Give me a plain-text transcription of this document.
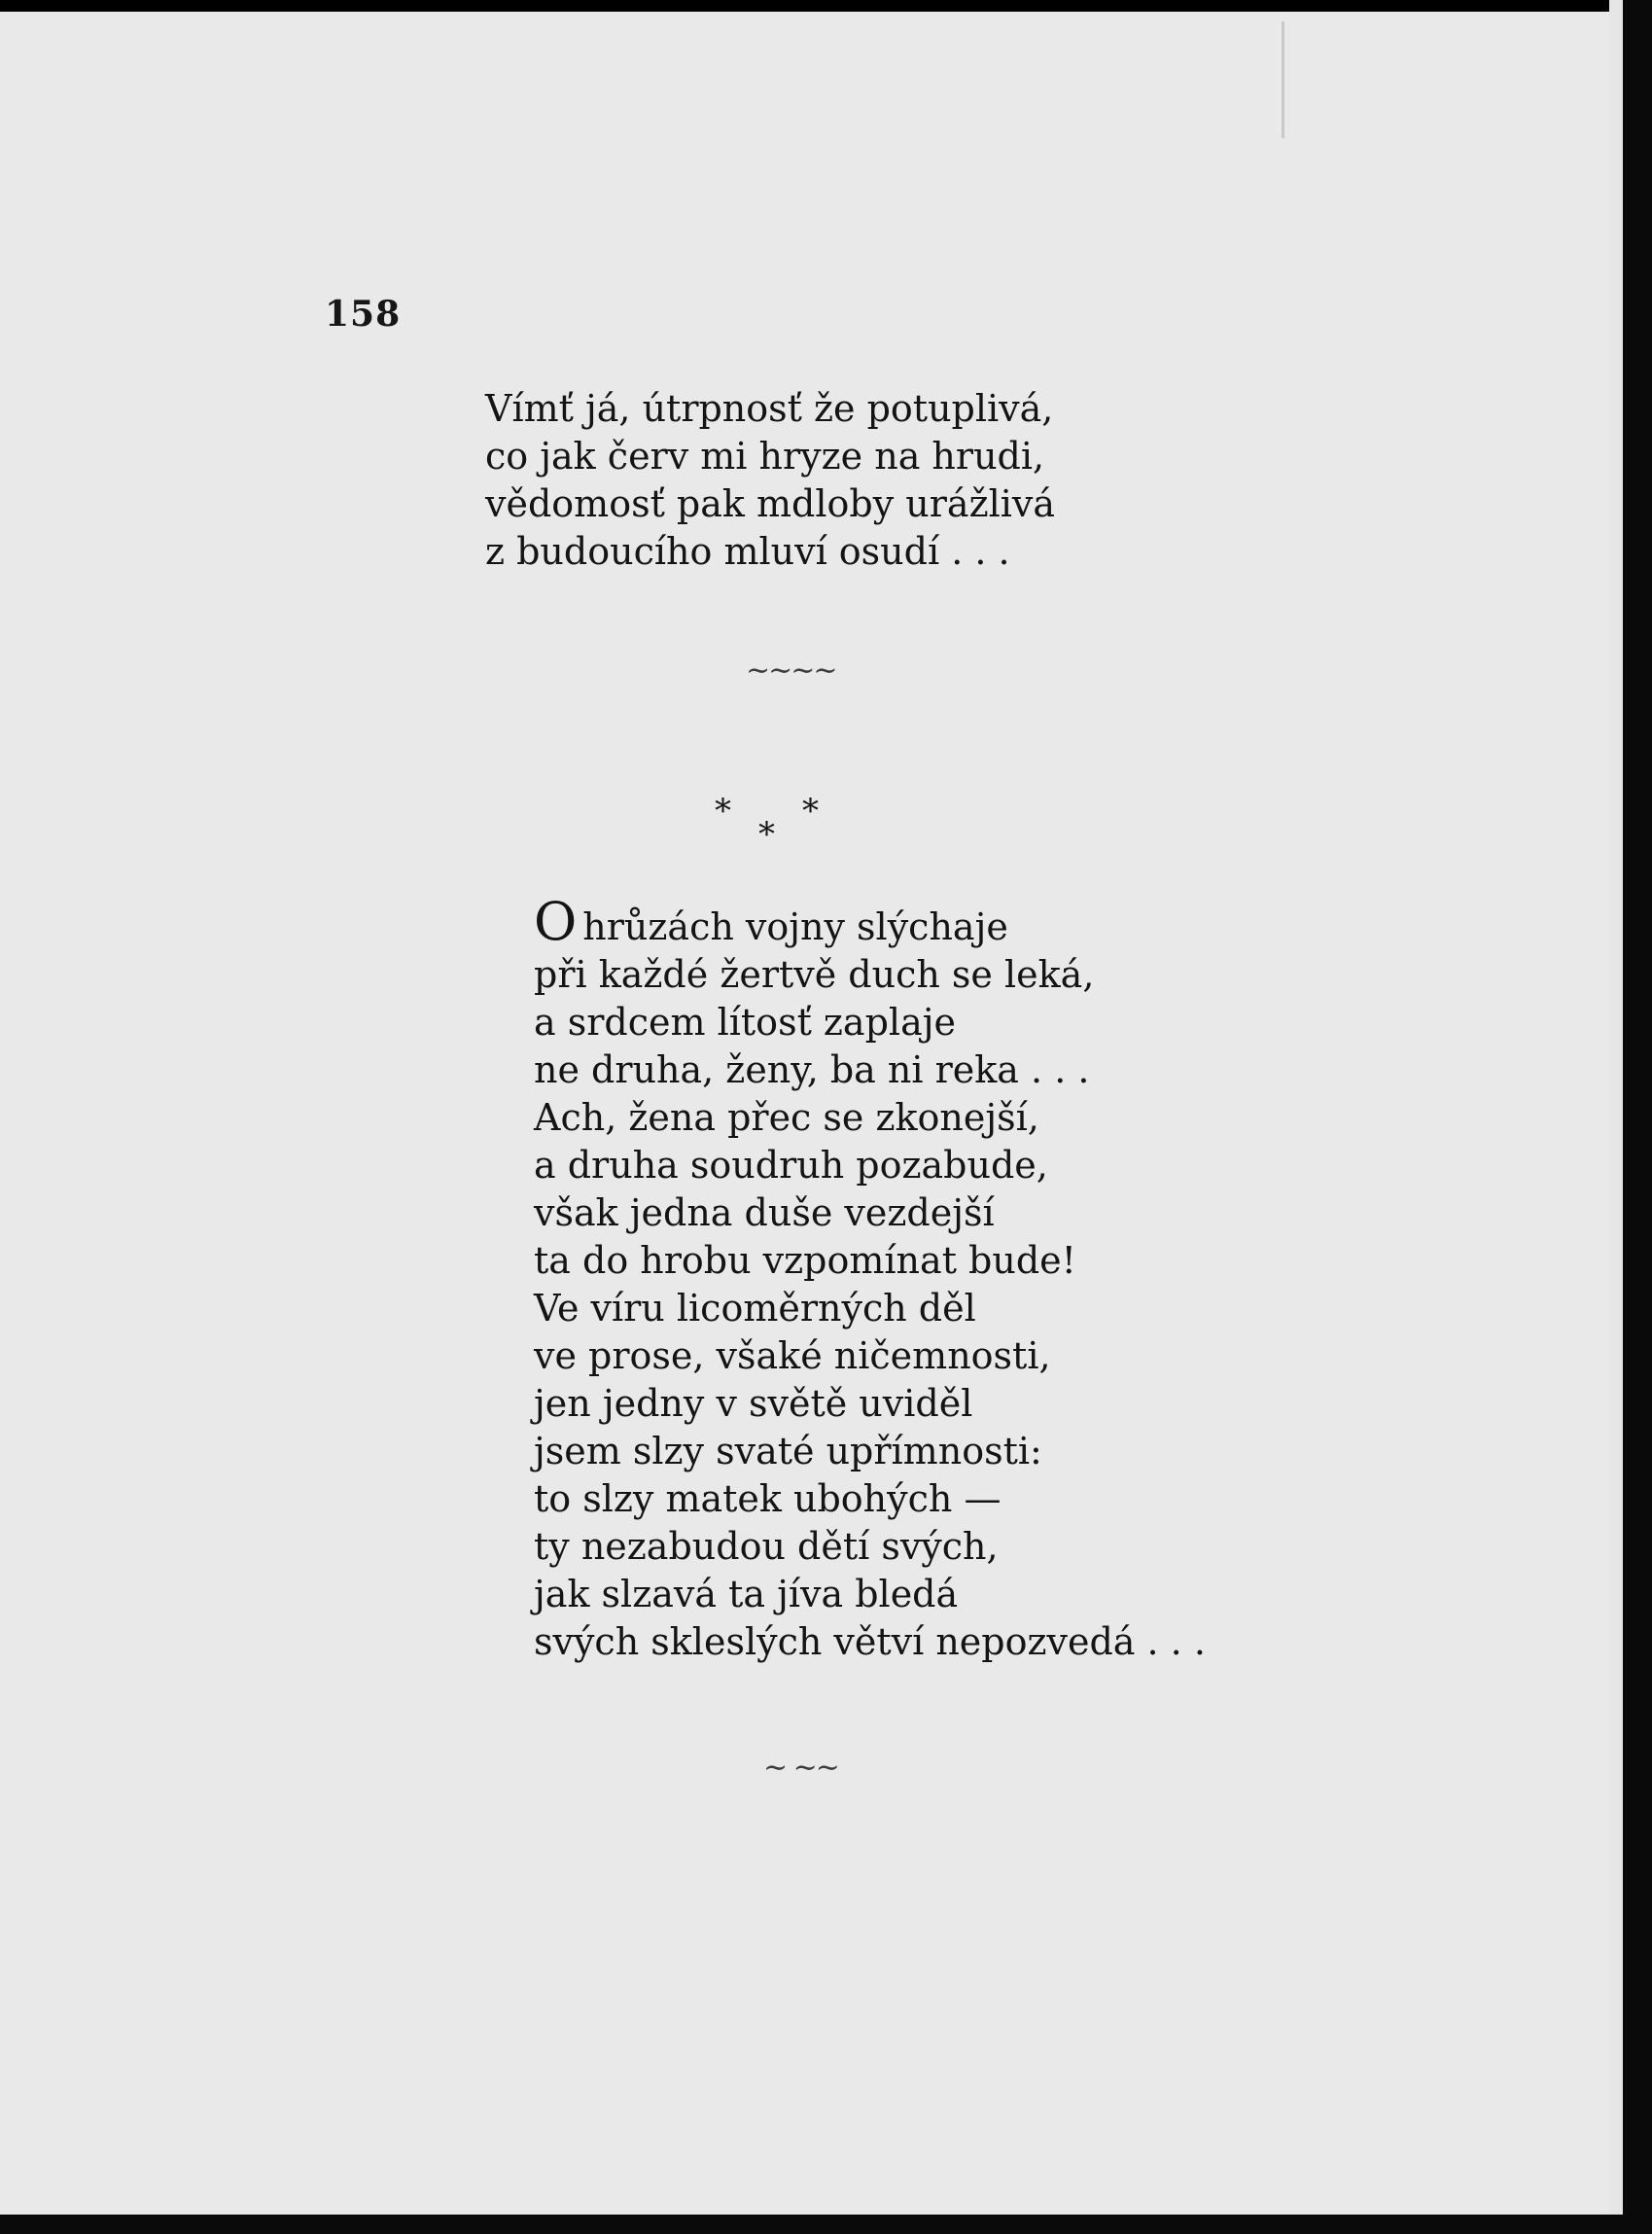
158
Vímť já, útrpnosť že potuplivá,
co jak červ mi hryze na hrudi,
vědomosť pak mdloby urážlivá
z budoucího mluví osudí . . .
∼∼∼∼
* *
*
O hrůzách vojny slýchaje
při každé žertvě duch se leká,
a srdcem lítosť zaplaje
ne druha, ženy, ba ni reka . . .
Ach, žena přec se zkonejší,
a druha soudruh pozabude,
však jedna duše vezdejší
ta do hrobu vzpomínat bude!
Ve víru licoměrných děl
ve prose, všaké ničemnosti,
jen jedny v světě uviděl
jsem slzy svaté upřímnosti:
to slzy matek ubohých —
ty nezabudou dětí svých,
jak slzavá ta jíva bledá
svých skleslých větví nepozvedá . . .
∼ ∼∼
